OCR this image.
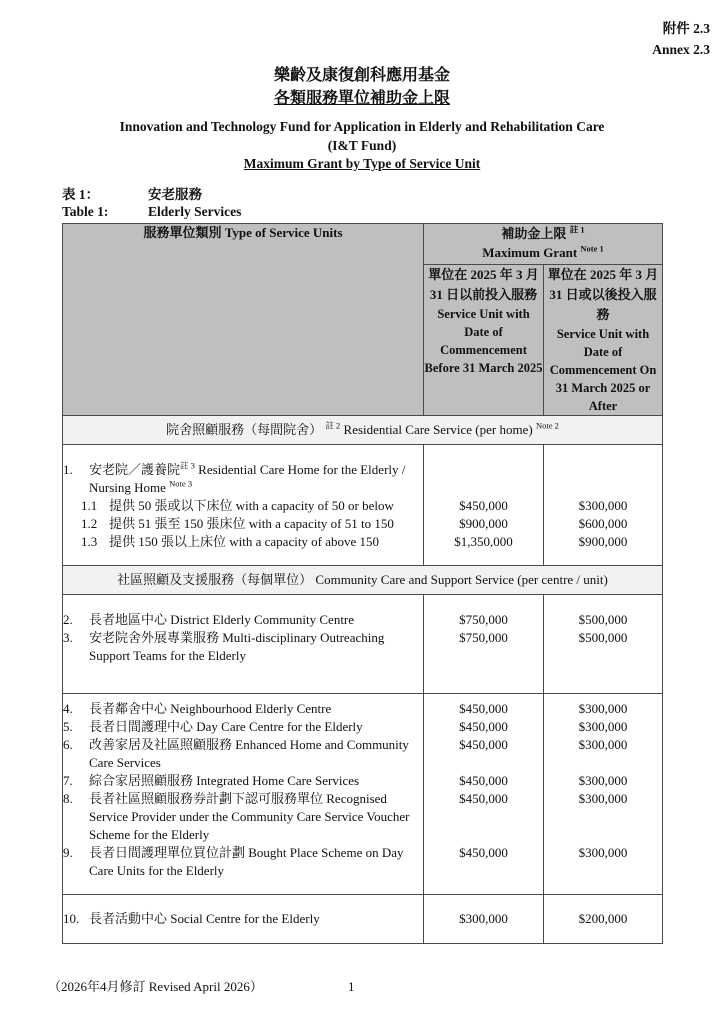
附件 2.3
Annex 2.3
樂齡及康復創科應用基金
各類服務單位補助金上限
Innovation and Technology Fund for Application in Elderly and Rehabilitation Care
(I&T Fund)
Maximum Grant by Type of Service Unit
表 1：	安老服務
Table 1:	Elderly Services
服務單位類別 Type of Service Units	補助金上限 $^{註 1}$
Maximum Grant $^{Note 1}$

單位在 2025 年 3 月 31 日以前投入服務
Service Unit with Date of Commencement Before 31 March 2025

單位在 2025 年 3 月 31 日或以後投入服務
Service Unit with Date of Commencement On 31 March 2025 or After

院舍照顧服務（每間院舍） $^{註 2}$ Residential Care Service (per home) $^{Note 2}$

1. 安老院／護養院$^{註 3}$ Residential Care Home for the Elderly / Nursing Home $^{Note 3}$

1.1 提供 50 張或以下床位 with a capacity of 50 or below	$450,000	$300,000

1.2 提供 51 張至 150 張床位 with a capacity of 51 to 150	$900,000	$600,000

1.3 提供 150 張以上床位 with a capacity of above 150	$1,350,000	$900,000
社區照顧及支援服務（每個單位） Community Care and Support Service (per centre / unit)		

2. 長者地區中心 District Elderly Community Centre	$750,000	$500,000

3. 安老院舍外展專業服務 Multi-disciplinary Outreaching Support Teams for the Elderly	$750,000	$500,000

4. 長者鄰舍中心 Neighbourhood Elderly Centre	$450,000	$300,000

5. 長者日間護理中心 Day Care Centre for the Elderly	$450,000	$300,000

6. 改善家居及社區照顧服務 Enhanced Home and Community Care Services	$450,000	$300,000

7. 綜合家居照顧服務 Integrated Home Care Services	$450,000	$300,000

8. 長者社區照顧服務券計劃下認可服務單位 Recognised Service Provider under the Community Care Service Voucher Scheme for the Elderly	$450,000	$300,000

9. 長者日間護理單位買位計劃 Bought Place Scheme on Day Care Units for the Elderly	$450,000	$300,000

10. 長者活動中心 Social Centre for the Elderly	$300,000	$200,000
（2026年4月修訂 Revised April 2026）	1
